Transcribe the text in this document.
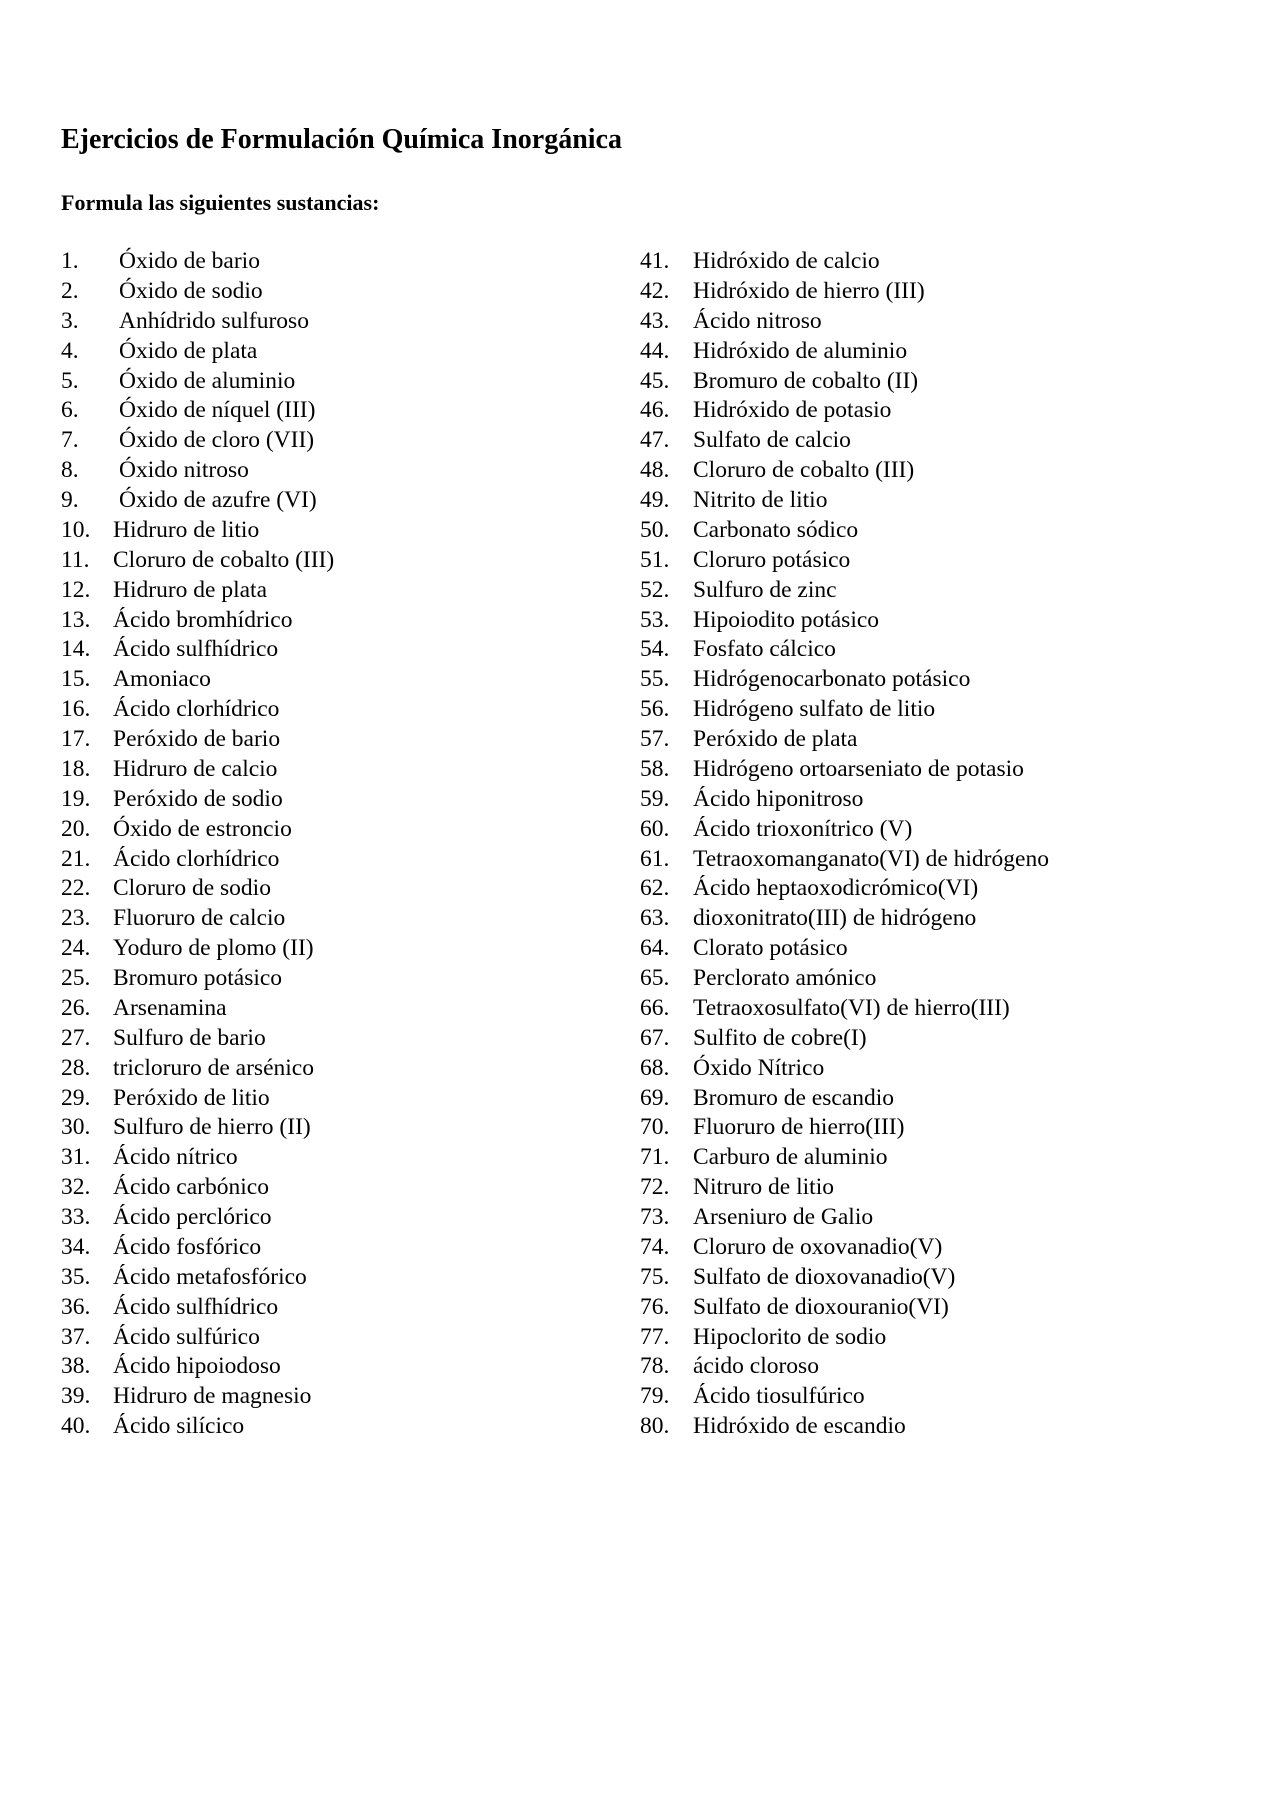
Ejercicios de Formulación Química Inorgánica
Formula las siguientes sustancias:
1. Óxido de bario
2. Óxido de sodio
3. Anhídrido sulfuroso
4. Óxido de plata
5. Óxido de aluminio
6. Óxido de níquel (III)
7. Óxido de cloro (VII)
8. Óxido nitroso
9. Óxido de azufre (VI)
10. Hidruro de litio
11. Cloruro de cobalto (III)
12. Hidruro de plata
13. Ácido bromhídrico
14. Ácido sulfhídrico
15. Amoniaco
16. Ácido clorhídrico
17. Peróxido de bario
18. Hidruro de calcio
19. Peróxido de sodio
20. Óxido de estroncio
21. Ácido clorhídrico
22. Cloruro de sodio
23. Fluoruro de calcio
24. Yoduro de plomo (II)
25. Bromuro potásico
26. Arsenamina
27. Sulfuro de bario
28. tricloruro de arsénico
29. Peróxido de litio
30. Sulfuro de hierro (II)
31. Ácido nítrico
32. Ácido carbónico
33. Ácido perclórico
34. Ácido fosfórico
35. Ácido metafosfórico
36. Ácido sulfhídrico
37. Ácido sulfúrico
38. Ácido hipoiodoso
39. Hidruro de magnesio
40. Ácido silícico
41. Hidróxido de calcio
42. Hidróxido de hierro (III)
43. Ácido nitroso
44. Hidróxido de aluminio
45. Bromuro de cobalto (II)
46. Hidróxido de potasio
47. Sulfato de calcio
48. Cloruro de cobalto (III)
49. Nitrito de litio
50. Carbonato sódico
51. Cloruro potásico
52. Sulfuro de zinc
53. Hipoiodito potásico
54. Fosfato cálcico
55. Hidrógenocarbonato potásico
56. Hidrógeno sulfato de litio
57. Peróxido de plata
58. Hidrógeno ortoarseniato de potasio
59. Ácido hiponitroso
60. Ácido trioxonítrico (V)
61. Tetraoxomanganato(VI) de hidrógeno
62. Ácido heptaoxodicrómico(VI)
63. dioxonitrato(III) de hidrógeno
64. Clorato potásico
65. Perclorato amónico
66. Tetraoxosulfato(VI) de hierro(III)
67. Sulfito de cobre(I)
68. Óxido Nítrico
69. Bromuro de escandio
70. Fluoruro de hierro(III)
71. Carburo de aluminio
72. Nitruro de litio
73. Arseniuro de Galio
74. Cloruro de oxovanadio(V)
75. Sulfato de dioxovanadio(V)
76. Sulfato de dioxouranio(VI)
77. Hipoclorito de sodio
78. ácido cloroso
79. Ácido tiosulfúrico
80. Hidróxido de escandio
